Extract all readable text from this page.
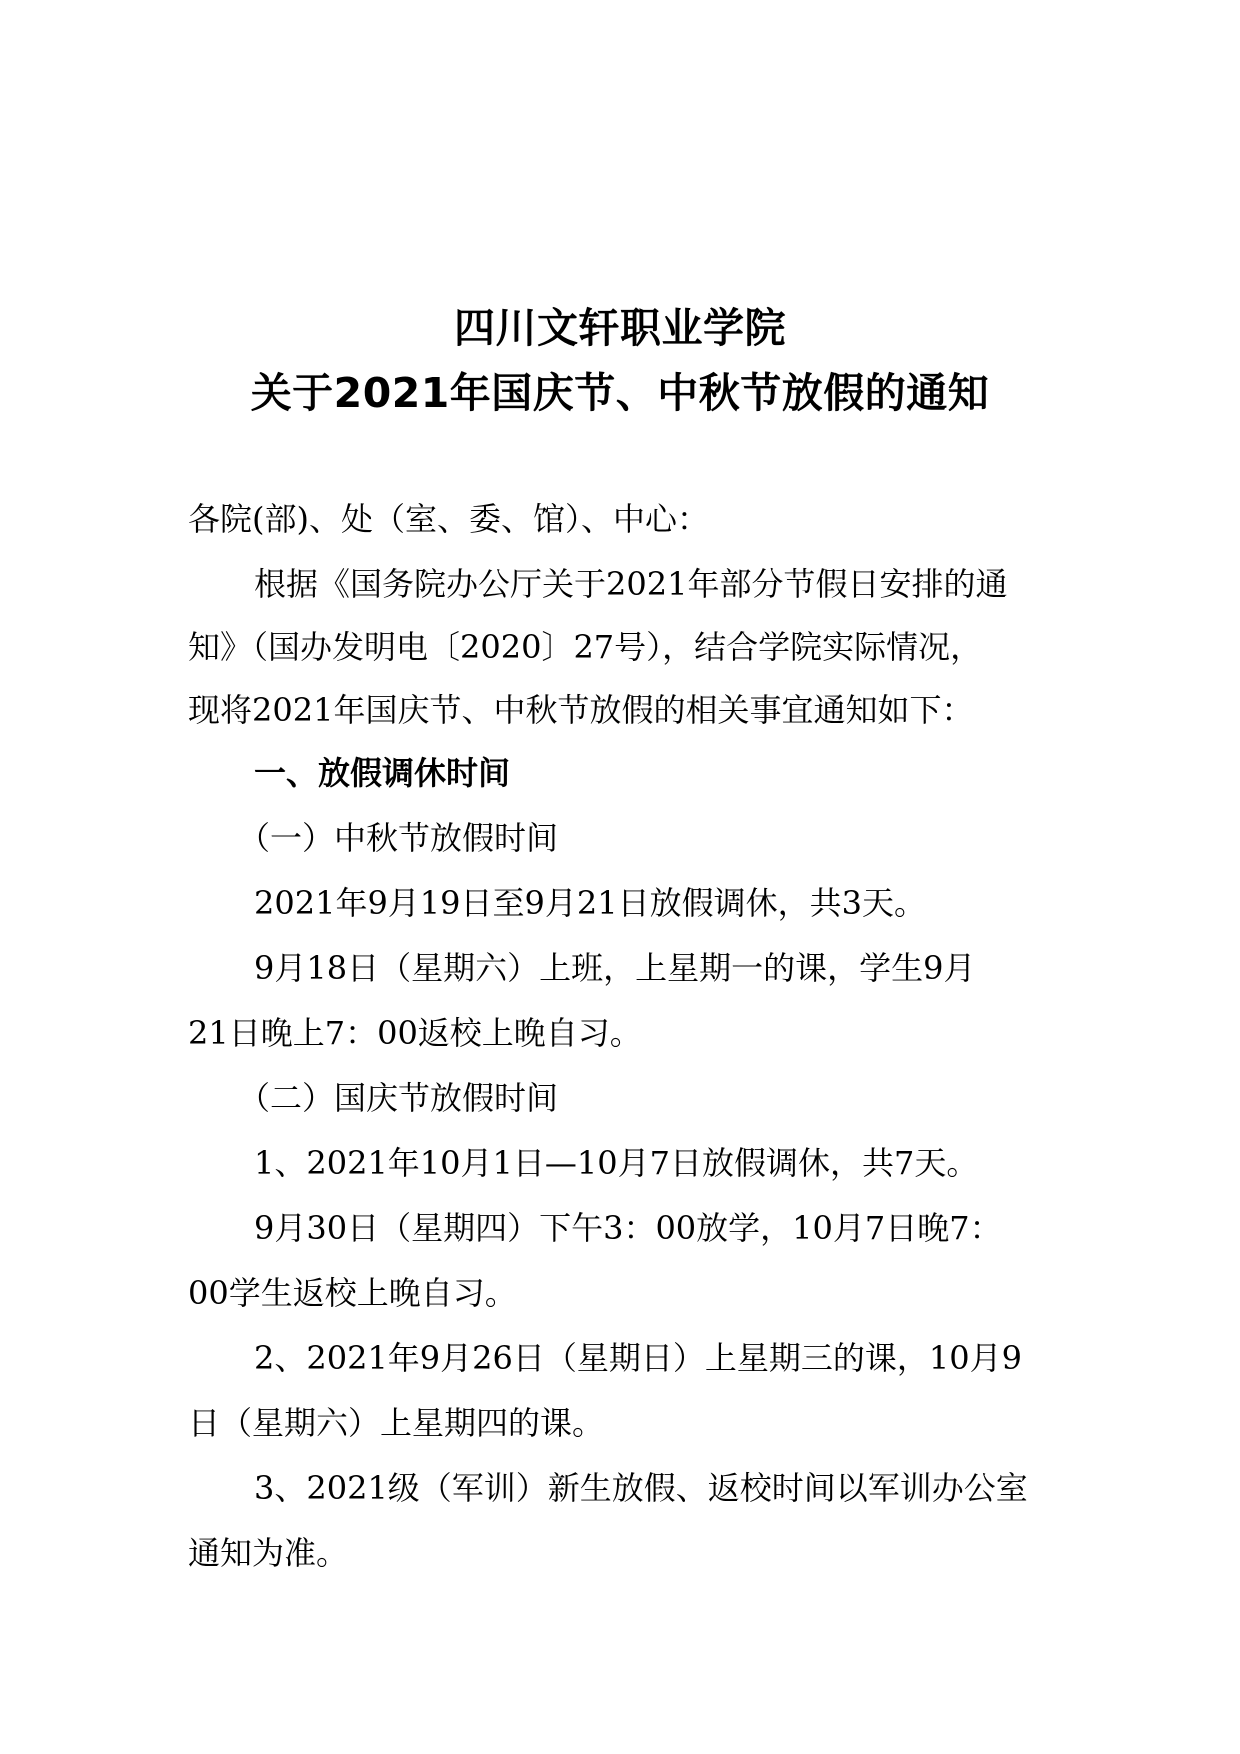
四川文轩职业学院
关于2021年国庆节、中秋节放假的通知
各院(部)、处（室、委、馆）、中心：
根据《国务院办公厅关于2021年部分节假日安排的通
知》（国办发明电〔2020〕27号），结合学院实际情况，
现将2021年国庆节、中秋节放假的相关事宜通知如下：
一、放假调休时间
（一）中秋节放假时间
2021年9月19日至9月21日放假调休，共3天。
9月18日（星期六）上班，上星期一的课，学生9月
21日晚上7：00返校上晚自习。
（二）国庆节放假时间
1、2021年10月1日—10月7日放假调休，共7天。
9月30日（星期四）下午3：00放学，10月7日晚7：
00学生返校上晚自习。
2、2021年9月26日（星期日）上星期三的课，10月9
日（星期六）上星期四的课。
3、2021级（军训）新生放假、返校时间以军训办公室
通知为准。
